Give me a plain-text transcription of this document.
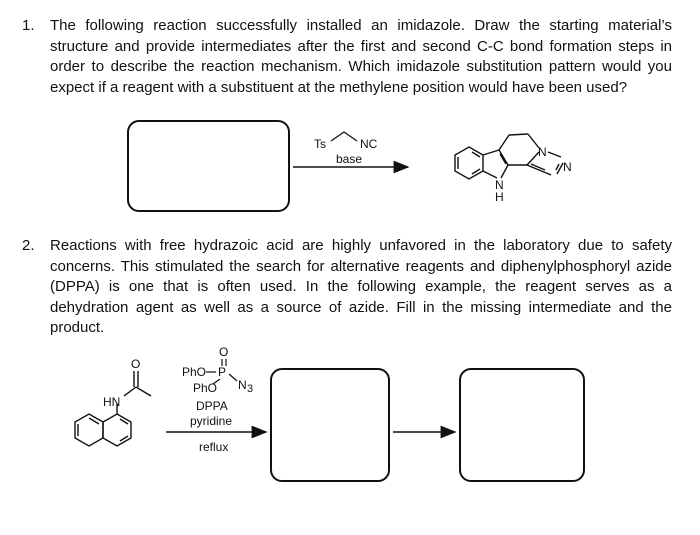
1. The following reaction successfully installed an imidazole. Draw the starting material’s structure and provide intermediates after the first and second C-C bond formation steps in order to describe the reaction mechanism. Which imidazole substitution pattern would you expect if a reagent with a substituent at the methylene position would have been used?
2. Reactions with free hydrazoic acid are highly unfavored in the laboratory due to safety concerns. This stimulated the search for alternative reagents and diphenylphosphoryl azide (DPPA) is one that is often used. In the following example, the reagent serves as a dehydration agent as well as a source of azide. Fill in the missing intermediate and the product.
Ts	NC
base	N
N
N
H
O
HN
O
PhO P
N 3
PhO
DPPA
pyridine
reflux
